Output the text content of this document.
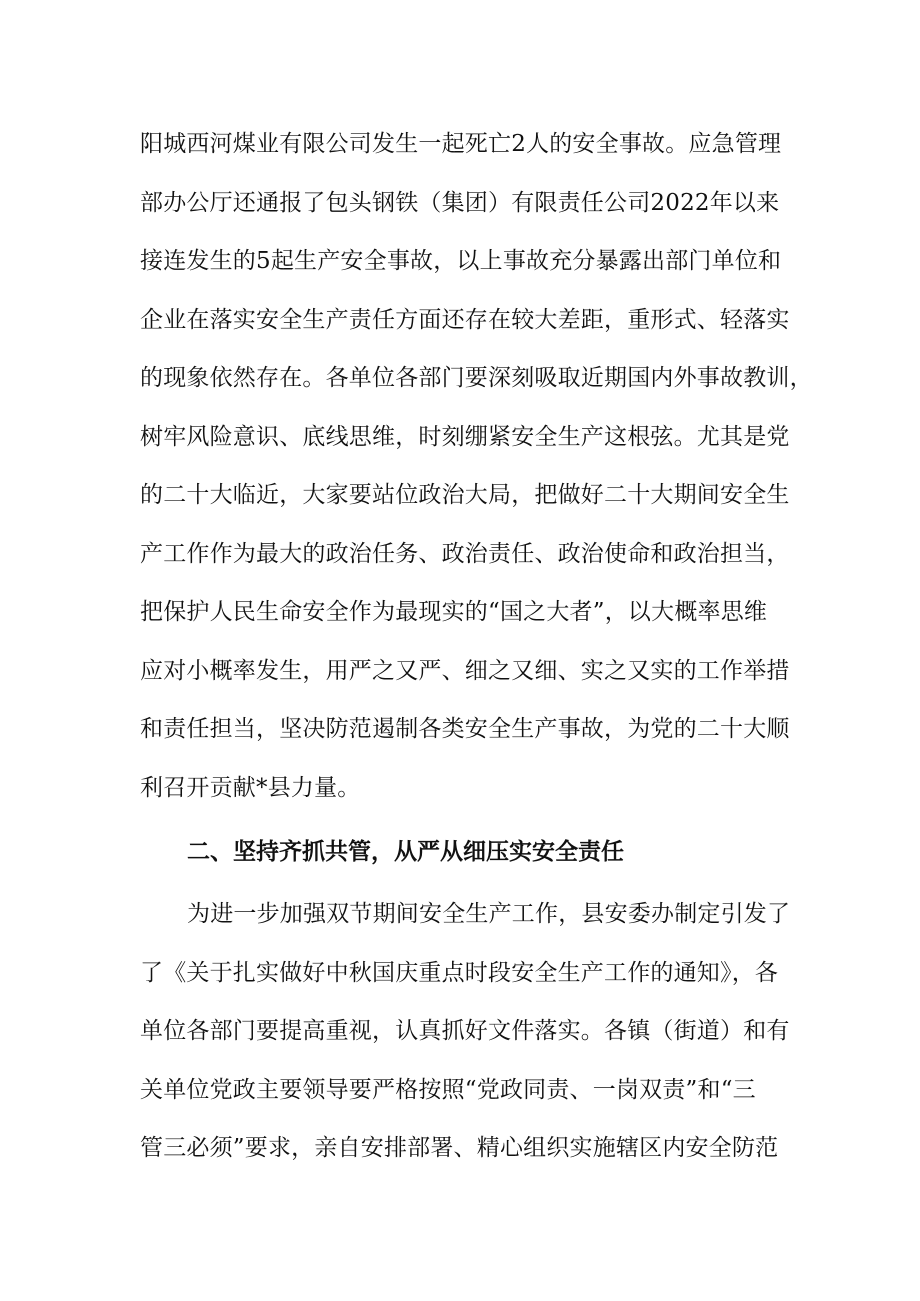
阳城西河煤业有限公司发生一起死亡2人的安全事故。应急管理
部办公厅还通报了包头钢铁（集团）有限责任公司2022年以来
接连发生的5起生产安全事故，以上事故充分暴露出部门单位和
企业在落实安全生产责任方面还存在较大差距，重形式、轻落实
的现象依然存在。各单位各部门要深刻吸取近期国内外事故教训，
树牢风险意识、底线思维，时刻绷紧安全生产这根弦。尤其是党
的二十大临近，大家要站位政治大局，把做好二十大期间安全生
产工作作为最大的政治任务、政治责任、政治使命和政治担当，
把保护人民生命安全作为最现实的“国之大者”，以大概率思维
应对小概率发生，用严之又严、细之又细、实之又实的工作举措
和责任担当，坚决防范遏制各类安全生产事故，为党的二十大顺
利召开贡献*县力量。
二、坚持齐抓共管，从严从细压实安全责任
为进一步加强双节期间安全生产工作，县安委办制定引发了
了《关于扎实做好中秋国庆重点时段安全生产工作的通知》，各
单位各部门要提高重视，认真抓好文件落实。各镇（街道）和有
关单位党政主要领导要严格按照“党政同责、一岗双责”和“三
管三必须”要求，亲自安排部署、精心组织实施辖区内安全防范
